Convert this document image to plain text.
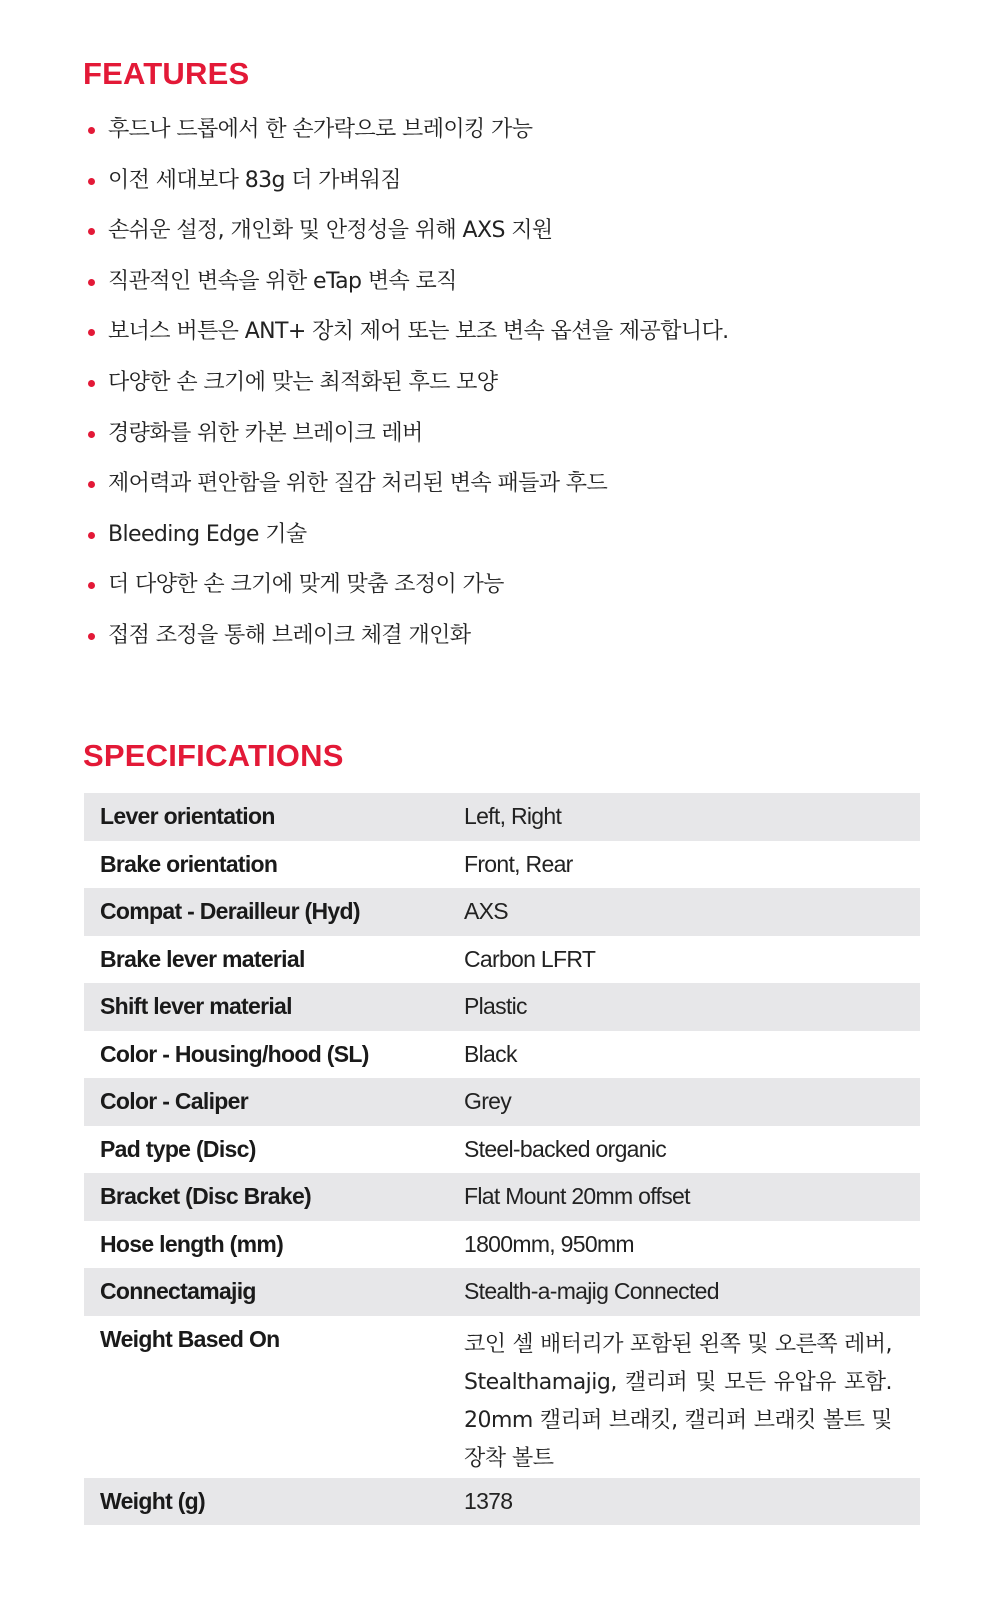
FEATURES
후드나 드롭에서 한 손가락으로 브레이킹 가능
이전 세대보다 83g 더 가벼워짐
손쉬운 설정, 개인화 및 안정성을 위해 AXS 지원
직관적인 변속을 위한 eTap 변속 로직
보너스 버튼은 ANT+ 장치 제어 또는 보조 변속 옵션을 제공합니다.
다양한 손 크기에 맞는 최적화된 후드 모양
경량화를 위한 카본 브레이크 레버
제어력과 편안함을 위한 질감 처리된 변속 패들과 후드
Bleeding Edge 기술
더 다양한 손 크기에 맞게 맞춤 조정이 가능
접점 조정을 통해 브레이크 체결 개인화
SPECIFICATIONS
Lever orientation	Left, Right
Brake orientation	Front, Rear
Compat - Derailleur (Hyd)	AXS
Brake lever material	Carbon LFRT
Shift lever material	Plastic
Color - Housing/hood (SL)	Black
Color - Caliper	Grey
Pad type (Disc)	Steel-backed organic
Bracket (Disc Brake)	Flat Mount 20mm offset
Hose length (mm)	1800mm, 950mm
Connectamajig	Stealth-a-majig Connected
Weight Based On	코인 셀 배터리가 포함된 왼쪽 및 오른쪽 레버, Stealthamajig, 캘리퍼 및 모든 유압유 포함. 20mm 캘리퍼 브래킷, 캘리퍼 브래킷 볼트 및 장착 볼트
Weight (g)	1378
